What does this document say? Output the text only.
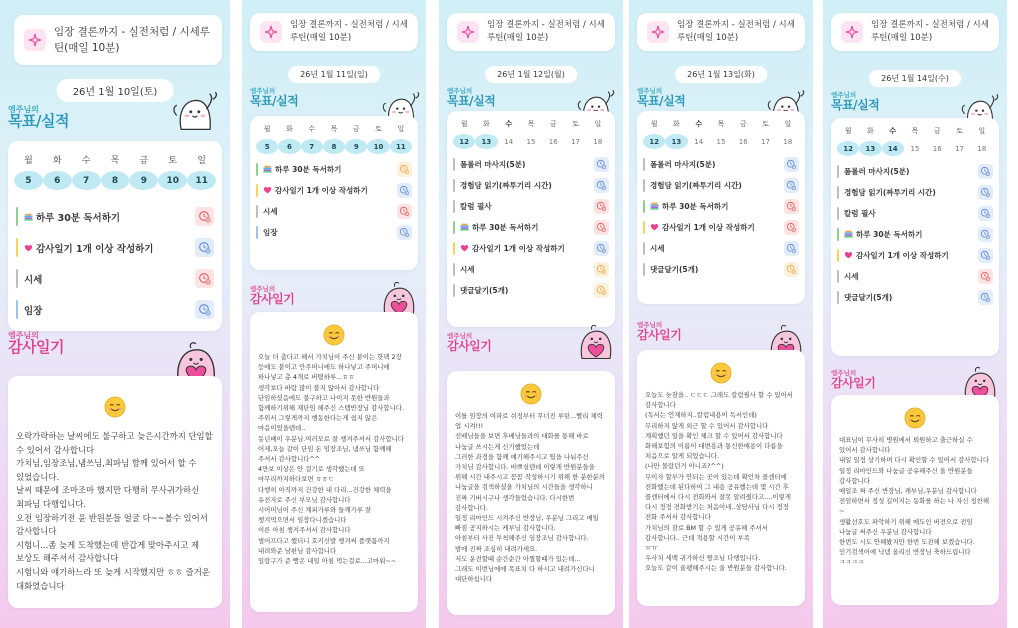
임장 결론까지 - 실전처럼 / 시세루틴(매일 10분)
26년 1월 10일(토)
엠주님의
목표/실적
월	화	수	목	금	토	일
5	6	7	8	9	10	11
하루 30분 독서하기
감사일기 1개 이상 작성하기
시세
임장
엠주님의
감사일기
오락가락하는 날씨에도 불구하고 늦은시간까지 단임할 수 있어서 감사합니다
가치님,임장조님,냄쓰님,최파님 함께 있어서 할 수 있었습니다.
날씨 때문에 조마조마 했지만 다행히 무사귀가하신 최파님 다행입니다.
오전 임장하기전 윤 반원분들 얼굴 다~~볼수 있어서 감사합니다
시험니...좀 늦게 도착했는데 반갑게 맞아주시고 제 보상도 해주셔서 감사합니다
시험니와 얘기하느라 또 늦게 시작했지만 ㅎㅎ 즐거운 대화였습니다
임장 결론까지 - 실전처럼 / 시세루틴(매일 10분)
26년 1월 11일(일)
엠주님의
목표/실적
월	화	수	목	금	토	일
5	6	7	8	9	10	11
하루 30분 독서하기
감사일기 1개 이상 작성하기
시세
임장
엠주님의
감사일기
오늘 더 춥다고 해서 가치님이 주신 붙이는 핫팩 2장 등에도 붙이고 안주머니에도 하나넣고 주머니에 하나넣고 총 4개로 버텼하루...ㅎㅎ
생각보다 바람 많이 불지 않아서 감사합니다
단임하셨음에도 불구하고 나이지 못한 반원들과 함께하기위해 재단임 해주신 스탭반장님 감사합니다. 주위서 그렇게까지 행동한다는게 쉽지 않은 마음이었을텐데..
동년배이 우분님.여러모로 잘 챙겨주셔서 감사합니다
어제,오늘 같이 단임 돈 임장조님, 냄쓰님 함께해 주셔서 감사합니다^^
4만보 이상은 안 걸기로 생각했는데 또 마무리까지하다보면 ㅎㅎㄷ
다행히 아직까지 건강한 내 다리...건강한 체력을 유전자로 주신 부모님 감사합니다
시어머님이 주신 계피가루와 들깨가루 잘 챙겨먹으면서 임장다니겠습니다
이른 아침 챙겨주셔서 감사합니다
벌어프다고 했더니 호키신발 챙겨써 플랫폼까지 내려와준 남편님 감사합니다
일랑구가 준 빵은 내일 아침 먹는걸로...고마워~~
임장 결론까지 - 실전처럼 / 시세루틴(매일 10분)
26년 1월 12일(월)
엠주님의
목표/실적
월	화	수	목	금	토	일
12	13	14	15	16	17	18
폼롤러 마사지(5분)
경험담 읽기(짜투기리 시간)
칼럼 필사
하루 30분 독서하기
감사일기 1개 이상 작성하기
시세
댓글달기(5개)
엠주님의
감사일기
이틀 임장의 여파로 쉬정부터 무너진 루틴...빨리 체력 업 시켜!!!
선배님들을 보면 후배님들과의 대화를 통해 바로 나눔글 쓰시는게 신기했었는데
그러한 과정을 함께 얘기해주시고 팁을 나눠주신 가치님 감사합니다. 바쁘실텐데 이렇게 반원분들을 위해 시간 내주시고 꼼꼼 작성하시기 위해 한 분한분의 나눔글을 검색하셨을 가치님의 시간들을 생각하니 진짜 기버시구나 생각들었습니다. 다시한번 감사합니다.
일정 리마인드 시켜주신 반장님, 우분님 그리고 매일 빠짐 공지하시는 케부님 감사합니다.
아침부터 사진 투척해주신 임장조님 감사합니다.
밤에 진짜 조심히 내려가세요.
저도 운전할때 순간순간 아찔할때가 있는데...
그래도 이번님에에 목표치 다 하시고 내려가신다니 대단하십니다
임장 결론까지 - 실전처럼 / 시세루틴(매일 10분)
26년 1월 13일(화)
엠주님의
목표/실적
월	화	수	목	금	토	일
12	13	14	15	16	17	18
폼롤러 마사지(5분)
경험담 읽기(짜투기리 시간)
하루 30분 독서하기
감사일기 1개 이상 작성하기
시세
댓글달기(5개)
엠주님의
감사일기
오늘도 늦잠을.. ㄷㄷㄷ 그래도 칼럼필사 할 수 있어서 감사합니다
(독서는 언제하지..칼럼내용이 독서인데)
무리하지 않게 외근 할 수 있어서 감사합니다
계획했던 일을 확인 체크 할 수 있어서 감사합니다
화해보험의 이름이 대변용과 통신한매용이 다름을 처음으로 알게 되었습니다.
(나만 몰랐던거 아니죠?^^)
무이자 할부가 안되는 곳이 있는데 확인차 콜센터에 전화했는데 된다하여 그 내용 공유했는데 몇 시간 후 콜센터에서 다시 전화와서 잘못 알려줬다고....이렇게 다시 정정 전화받기는 처음이네..상담사님 다시 정정 전화 주셔서 감사합니다
가치님의 잠로 BM 할 수 있게 공유해 주셔서 감사합니다.. 근데 적용할 시간이 부족
ㅠㅠ
우사치 세백 귀가하신 짱조님 다행입니다.
오늘도 같이 울펭해주시는 울 반원분들 감사합니다.
임장 결론까지 - 실전처럼 / 시세루틴(매일 10분)
26년 1월 14일(수)
엠주님의
목표/실적
월	화	수	목	금	토	일
12	13	14	15	16	17	18
폼롤러 마사지(5분)
경험담 읽기(짜투기리 시간)
칼럼 필사
하루 30분 독서하기
감사일기 1개 이상 작성하기
시세
댓글달기(5개)
엠주님의
감사일기
대표님이 무사히 병원에서 퇴원하고 출근하실 수 있어서 감사합니다
내일 일정 상기하며 다시 확인할 수 있어서 감사합니다
일정 리마인드와 나눔글 공유해주신 울 반원분들 감사합니다
매일조 짜 주신 반장님, 캐부님,우분님 감사합니다
전임하면서 정성 길어지는 동화를 하는 나 자신 칭찬해~
생활선호도 파악하기 위해 매도인 버전으로 전임 나눔글 써주신 우분님 감사합니다
한번도 시도 안해봤지만 한번 도전해 보겠습니다.
인기검색어에 닉넴 올리신 반장님 축하드립니다
ㅋㅋㅋㅋ
